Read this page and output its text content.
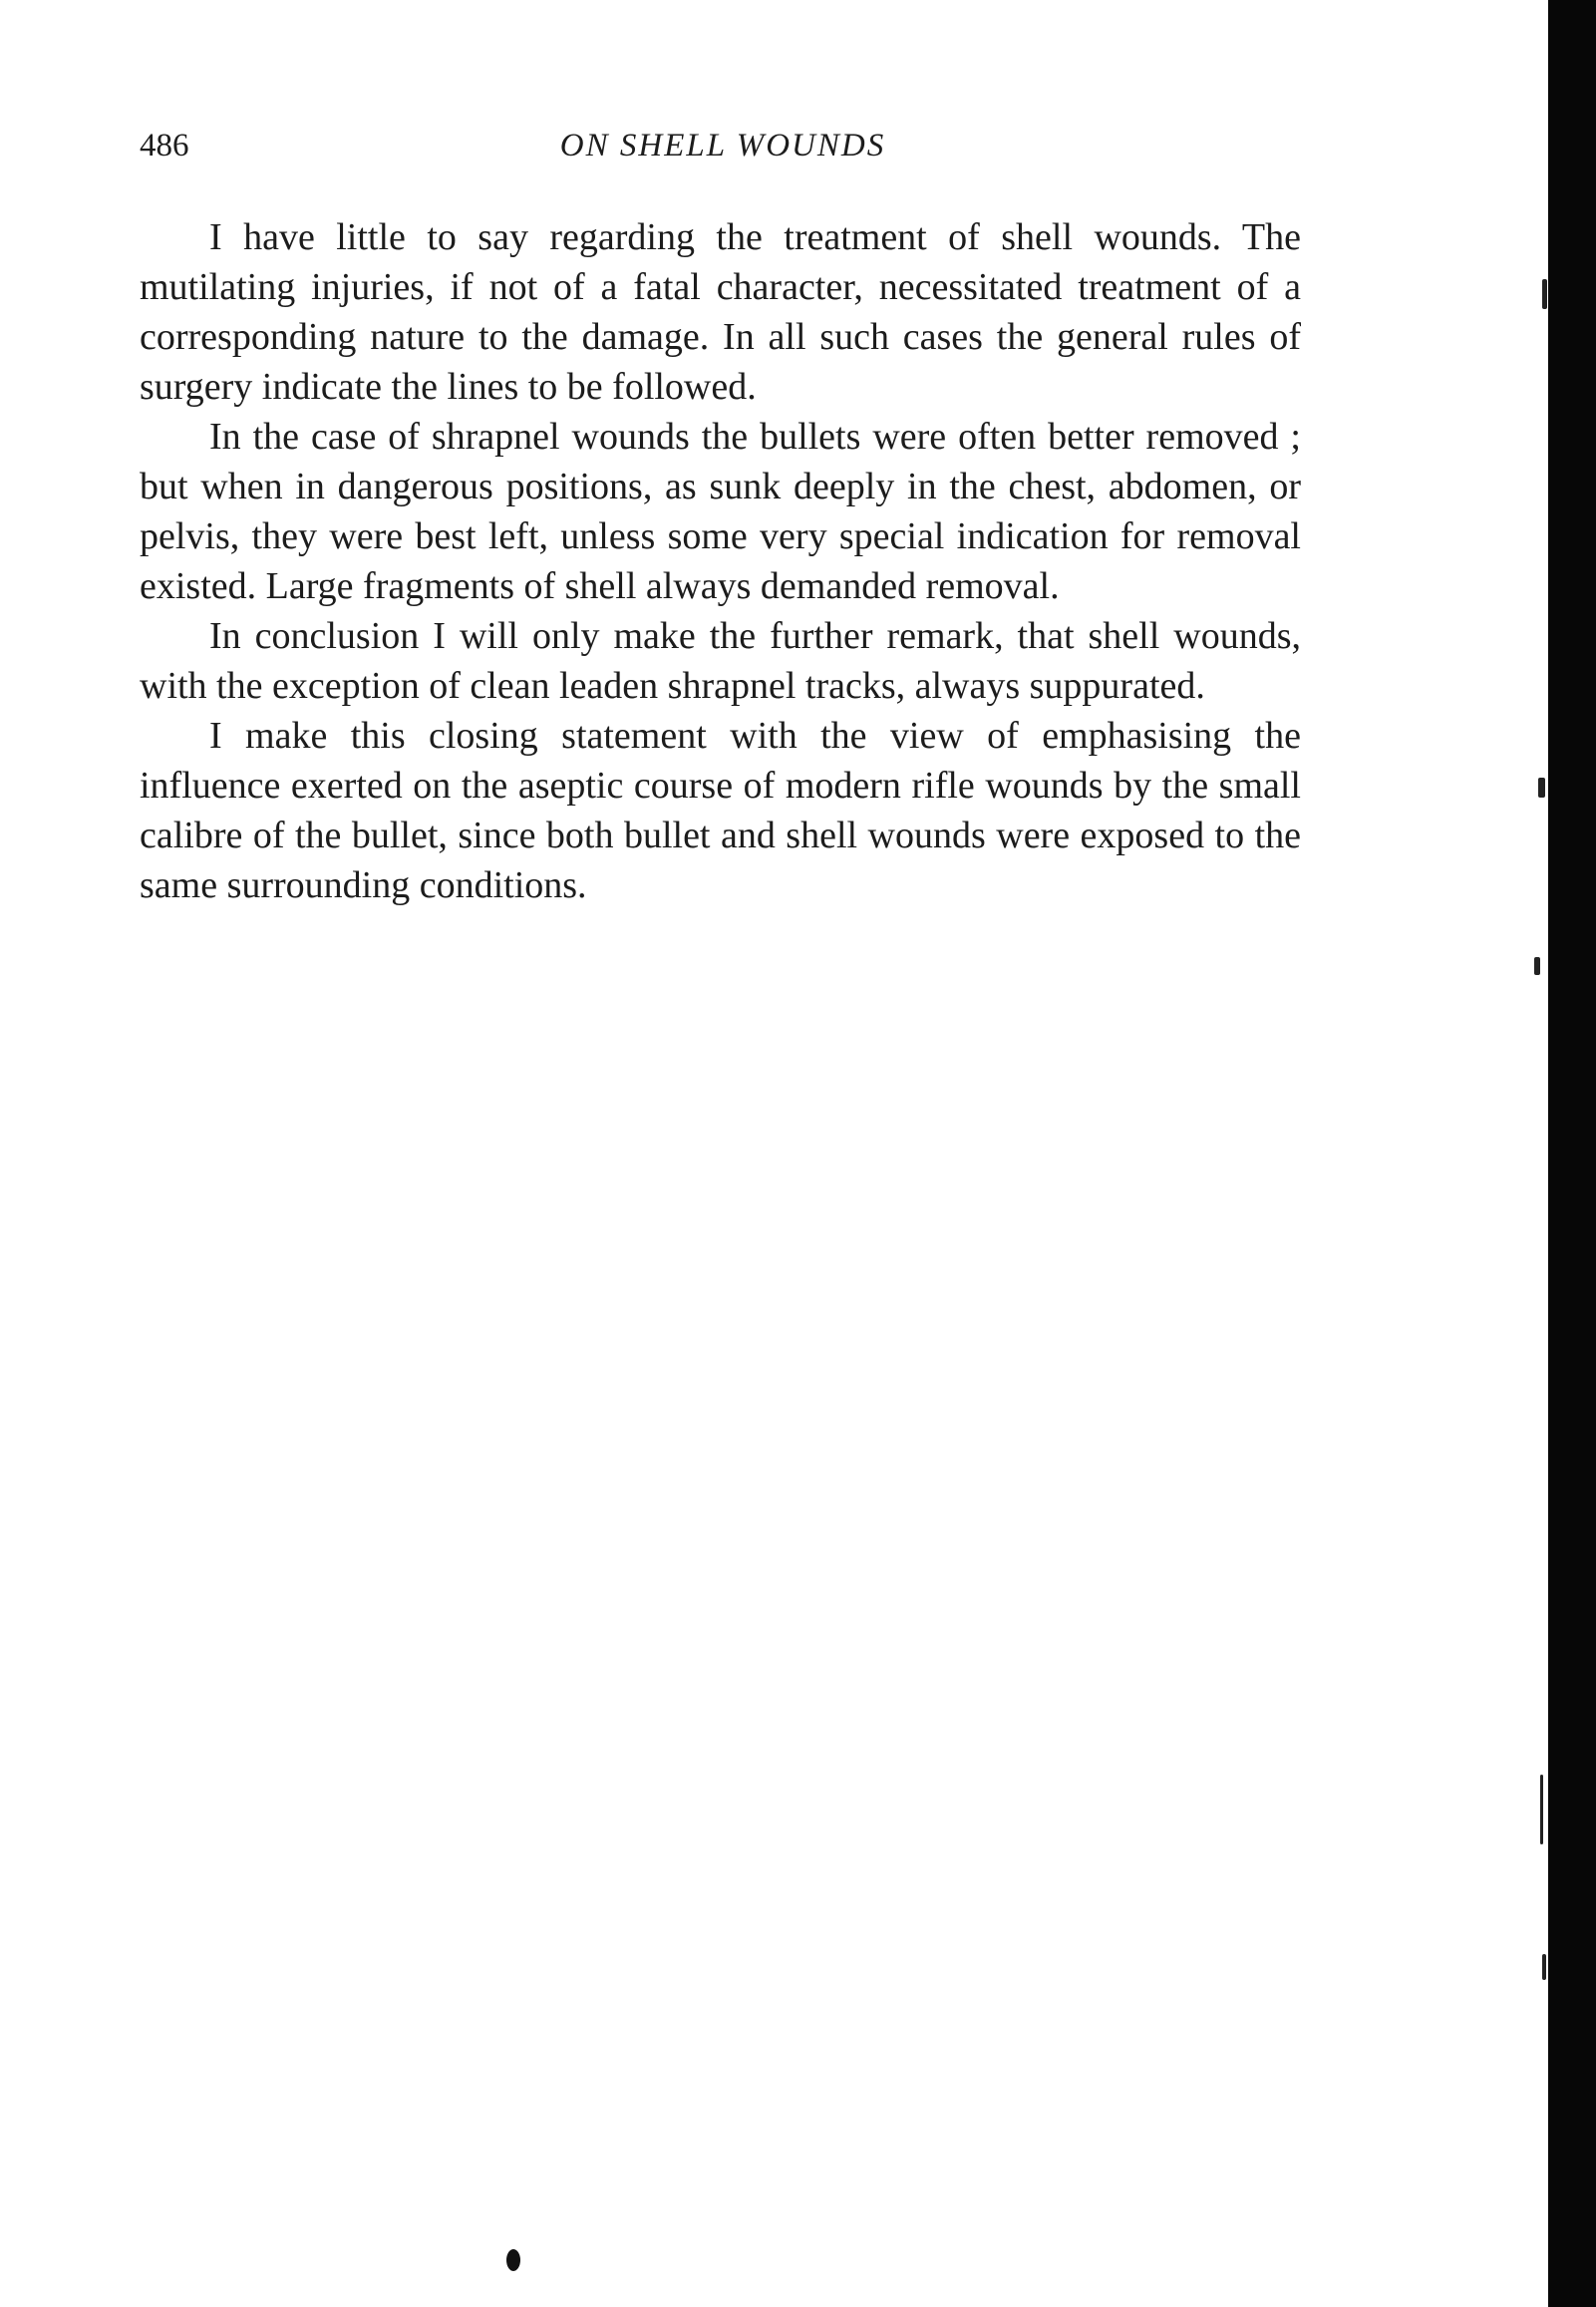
486	ON SHELL WOUNDS

I have little to say regarding the treatment of shell wounds. The mutilating injuries, if not of a fatal character, necessitated treatment of a corresponding nature to the damage. In all such cases the general rules of surgery indicate the lines to be followed.

In the case of shrapnel wounds the bullets were often better removed ; but when in dangerous positions, as sunk deeply in the chest, abdomen, or pelvis, they were best left, unless some very special indication for removal existed. Large fragments of shell always demanded removal.

In conclusion I will only make the further remark, that shell wounds, with the exception of clean leaden shrapnel tracks, always suppurated.

I make this closing statement with the view of emphasising the influence exerted on the aseptic course of modern rifle wounds by the small calibre of the bullet, since both bullet and shell wounds were exposed to the same surrounding conditions.
